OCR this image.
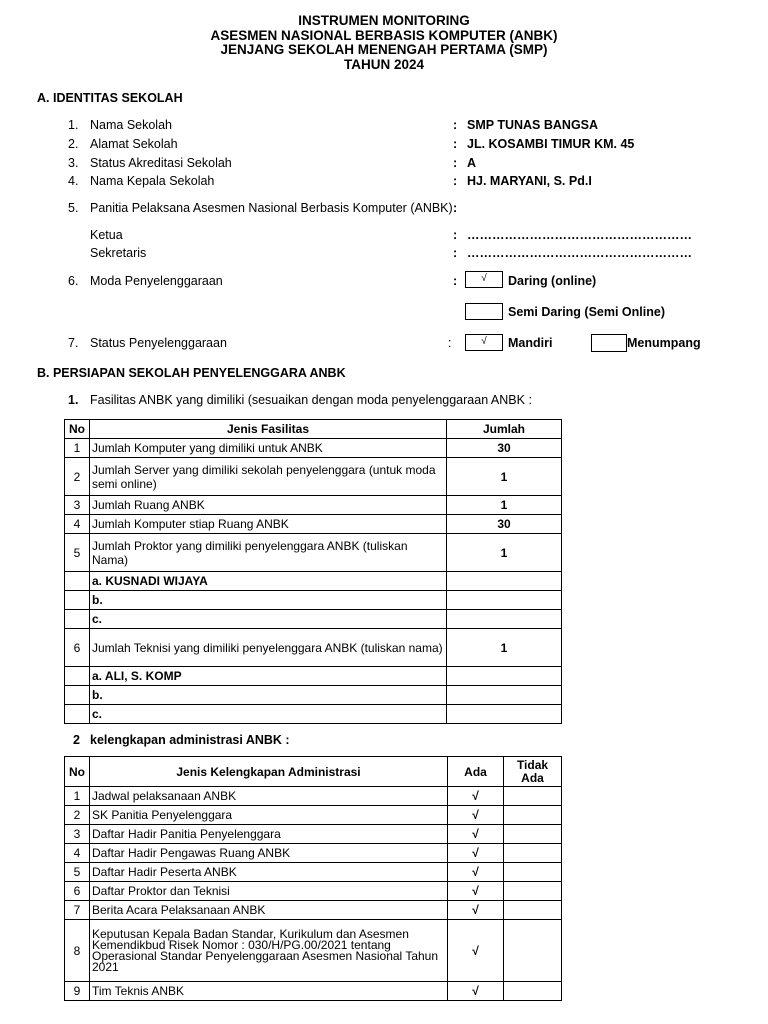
INSTRUMEN MONITORING
ASESMEN NASIONAL BERBASIS KOMPUTER (ANBK)
JENJANG SEKOLAH MENENGAH PERTAMA (SMP)
TAHUN 2024
A. IDENTITAS SEKOLAH
1. Nama Sekolah	: SMP TUNAS BANGSA
2. Alamat Sekolah	: JL. KOSAMBI TIMUR KM. 45
3. Status Akreditasi Sekolah	: A
4. Nama Kepala Sekolah	: HJ. MARYANI, S. Pd.I
5. Panitia Pelaksana Asesmen Nasional Berbasis Komputer (ANBK) :
Ketua	: ………………………………………………
Sekretaris	: ………………………………………………
6. Moda Penyelenggaraan	:	√	Daring (online)
Semi Daring (Semi Online)
7. Status Penyelenggaraan	:	√	Mandiri	Menumpang
B. PERSIAPAN SEKOLAH PENYELENGGARA ANBK
1. Fasilitas ANBK yang dimiliki (sesuaikan dengan moda penyelenggaraan ANBK :
No	Jenis Fasilitas	Jumlah
1	Jumlah Komputer yang dimiliki untuk ANBK	30
2	Jumlah Server yang dimiliki sekolah penyelenggara (untuk moda semi online)	1
3	Jumlah Ruang ANBK	1
4	Jumlah Komputer stiap Ruang ANBK	30
5	Jumlah Proktor yang dimiliki penyelenggara ANBK (tuliskan Nama)	1
	a. KUSNADI WIJAYA	
	b.	
	c.	
6	Jumlah Teknisi yang dimiliki penyelenggara ANBK (tuliskan nama)	1
	a. ALI, S. KOMP	
	b.	
	c.	
2 kelengkapan administrasi ANBK :
No	Jenis Kelengkapan Administrasi	Ada	Tidak Ada
1	Jadwal pelaksanaan ANBK	√	
2	SK Panitia Penyelenggara	√	
3	Daftar Hadir Panitia Penyelenggara	√	
4	Daftar Hadir Pengawas Ruang ANBK	√	
5	Daftar Hadir Peserta ANBK	√	
6	Daftar Proktor dan Teknisi	√	
7	Berita Acara Pelaksanaan ANBK	√	
8	Keputusan Kepala Badan Standar, Kurikulum dan Asesmen Kemendikbud Risek Nomor : 030/H/PG.00/2021 tentang Operasional Standar Penyelenggaraan Asesmen Nasional Tahun 2021	√	
9	Tim Teknis ANBK	√	
